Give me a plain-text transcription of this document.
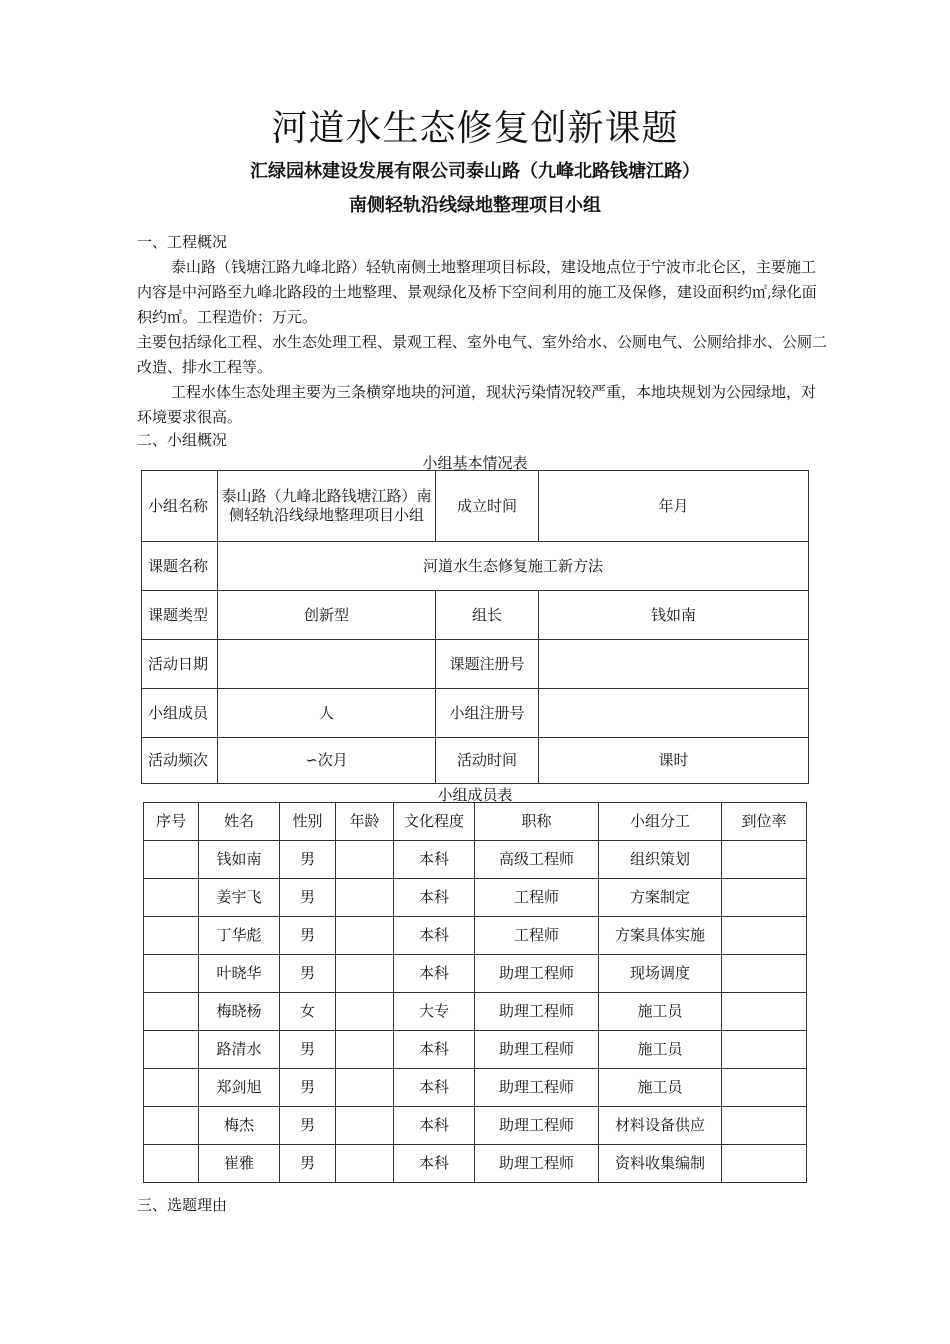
河道水生态修复创新课题
汇绿园林建设发展有限公司泰山路（九峰北路钱塘江路）
南侧轻轨沿线绿地整理项目小组
一、工程概况
泰山路（钱塘江路九峰北路）轻轨南侧土地整理项目标段，建设地点位于宁波市北仑区，主要施工内容是中河路至九峰北路段的土地整理、景观绿化及桥下空间利用的施工及保修，建设面积约㎡,绿化面积约㎡。工程造价：万元。
主要包括绿化工程、水生态处理工程、景观工程、室外电气、室外给水、公厕电气、公厕给排水、公厕二改造、排水工程等。
工程水体生态处理主要为三条横穿地块的河道，现状污染情况较严重，本地块规划为公园绿地，对环境要求很高。
二、小组概况
小组基本情况表
小组名称	泰山路（九峰北路钱塘江路）南侧轻轨沿线绿地整理项目小组	成立时间	年月
课题名称	河道水生态修复施工新方法		
课题类型	创新型	组长	钱如南
活动日期		课题注册号	
小组成员	人	小组注册号	
活动频次	∽次月	活动时间	课时
小组成员表
序号	姓名	性别	年龄	文化程度	职称	小组分工	到位率
	钱如南	男		本科	高级工程师	组织策划	
	姜宇飞	男		本科	工程师	方案制定	
	丁华彪	男		本科	工程师	方案具体实施	
	叶晓华	男		本科	助理工程师	现场调度	
	梅晓杨	女		大专	助理工程师	施工员	
	路清水	男		本科	助理工程师	施工员	
	郑剑旭	男		本科	助理工程师	施工员	
	梅杰	男		本科	助理工程师	材料设备供应	
	崔雅	男		本科	助理工程师	资料收集编制	
三、选题理由
